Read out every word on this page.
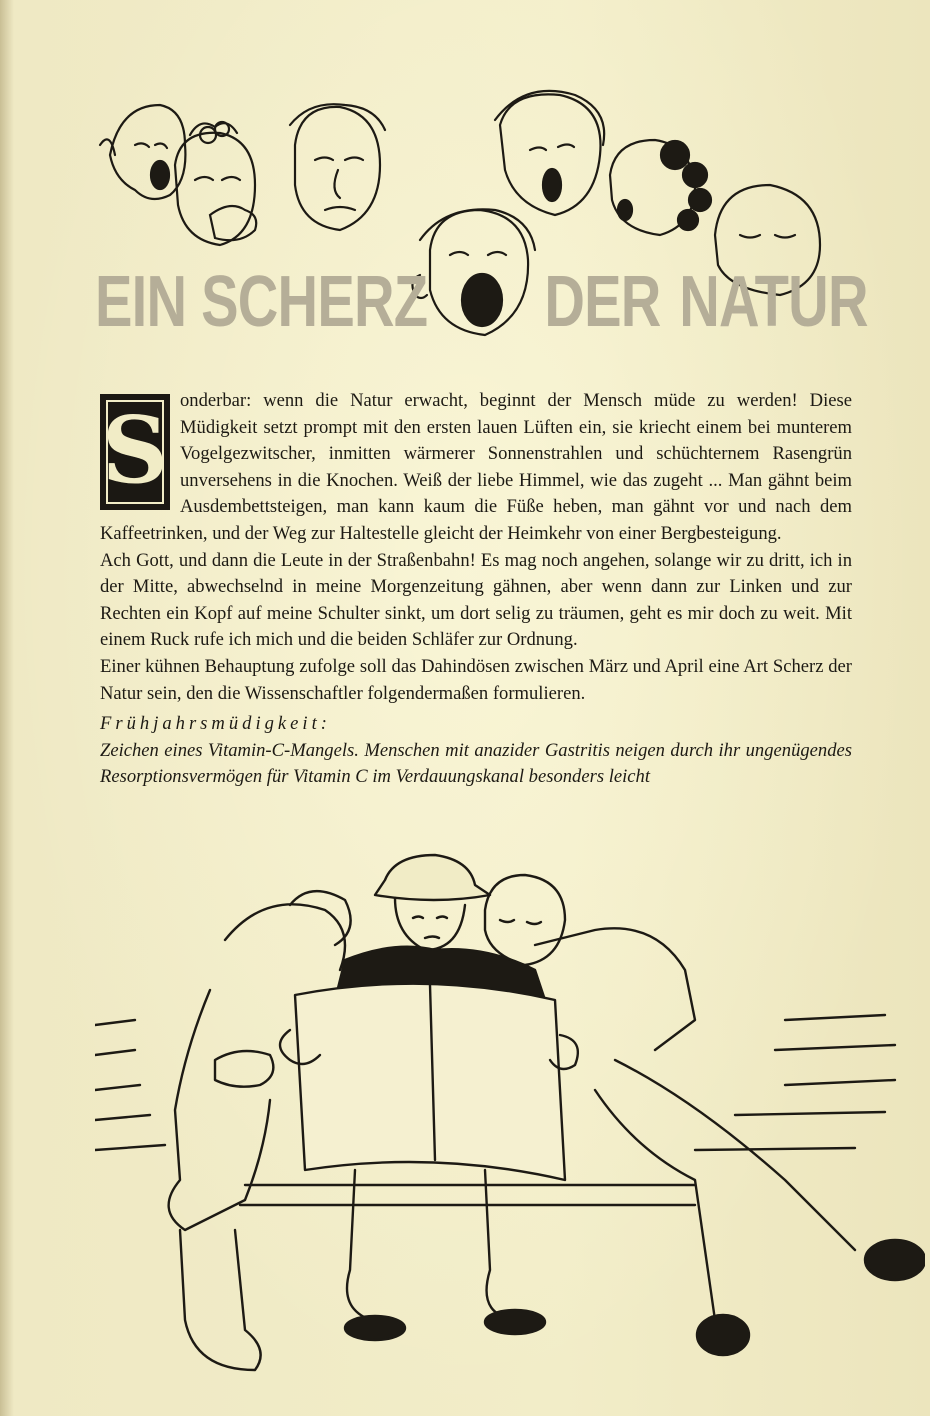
EIN SCHERZ DER NATUR
S onderbar: wenn die Natur erwacht, beginnt der Mensch müde zu werden! Diese Müdigkeit setzt prompt mit den ersten lauen Lüften ein, sie kriecht einem bei munterem Vogelgezwitscher, inmitten wärmerer Sonnenstrahlen und schüchternem Rasengrün unversehens in die Knochen. Weiß der liebe Himmel, wie das zugeht ... Man gähnt beim Ausdembettsteigen, man kann kaum die Füße heben, man gähnt vor und nach dem Kaffeetrinken, und der Weg zur Haltestelle gleicht der Heimkehr von einer Bergbesteigung.

Ach Gott, und dann die Leute in der Straßenbahn! Es mag noch angehen, solange wir zu dritt, ich in der Mitte, abwechselnd in meine Morgenzeitung gähnen, aber wenn dann zur Linken und zur Rechten ein Kopf auf meine Schulter sinkt, um dort selig zu träumen, geht es mir doch zu weit. Mit einem Ruck rufe ich mich und die beiden Schläfer zur Ordnung.

Einer kühnen Behauptung zufolge soll das Dahindösen zwischen März und April eine Art Scherz der Natur sein, den die Wissenschaftler folgendermaßen formulieren.

Frühjahrsmüdigkeit:

Zeichen eines Vitamin-C-Mangels. Menschen mit anazider Gastritis neigen durch ihr ungenügendes Resorptionsvermögen für Vitamin C im Verdauungskanal besonders leicht
